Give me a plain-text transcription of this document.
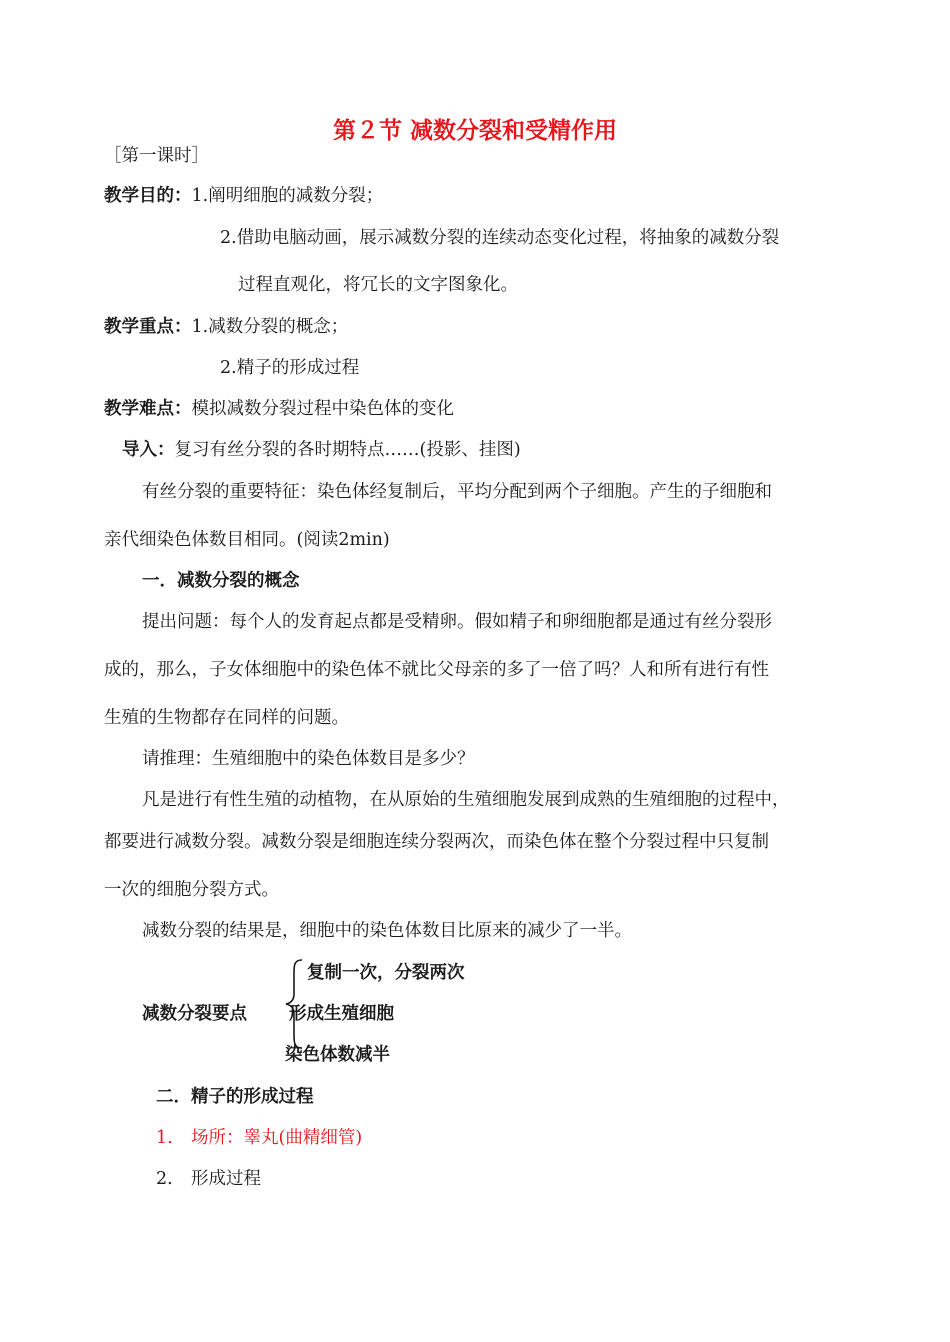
第２节 减数分裂和受精作用
［第一课时］
教学目的：1.阐明细胞的减数分裂；
2.借助电脑动画，展示减数分裂的连续动态变化过程，将抽象的减数分裂
过程直观化，将冗长的文字图象化。
教学重点：1.减数分裂的概念；
2.精子的形成过程
教学难点：模拟减数分裂过程中染色体的变化
导入：复习有丝分裂的各时期特点……(投影、挂图)
有丝分裂的重要特征：染色体经复制后，平均分配到两个子细胞。产生的子细胞和
亲代细染色体数目相同。(阅读2min)
一．减数分裂的概念
提出问题：每个人的发育起点都是受精卵。假如精子和卵细胞都是通过有丝分裂形
成的，那么，子女体细胞中的染色体不就比父母亲的多了一倍了吗？人和所有进行有性
生殖的生物都存在同样的问题。
请推理：生殖细胞中的染色体数目是多少？
凡是进行有性生殖的动植物，在从原始的生殖细胞发展到成熟的生殖细胞的过程中，
都要进行减数分裂。减数分裂是细胞连续分裂两次，而染色体在整个分裂过程中只复制
一次的细胞分裂方式。
减数分裂的结果是，细胞中的染色体数目比原来的减少了一半。
减数分裂要点
复制一次，分裂两次
形成生殖细胞
染色体数减半
二．精子的形成过程
1. 场所：睾丸(曲精细管)
2. 形成过程
